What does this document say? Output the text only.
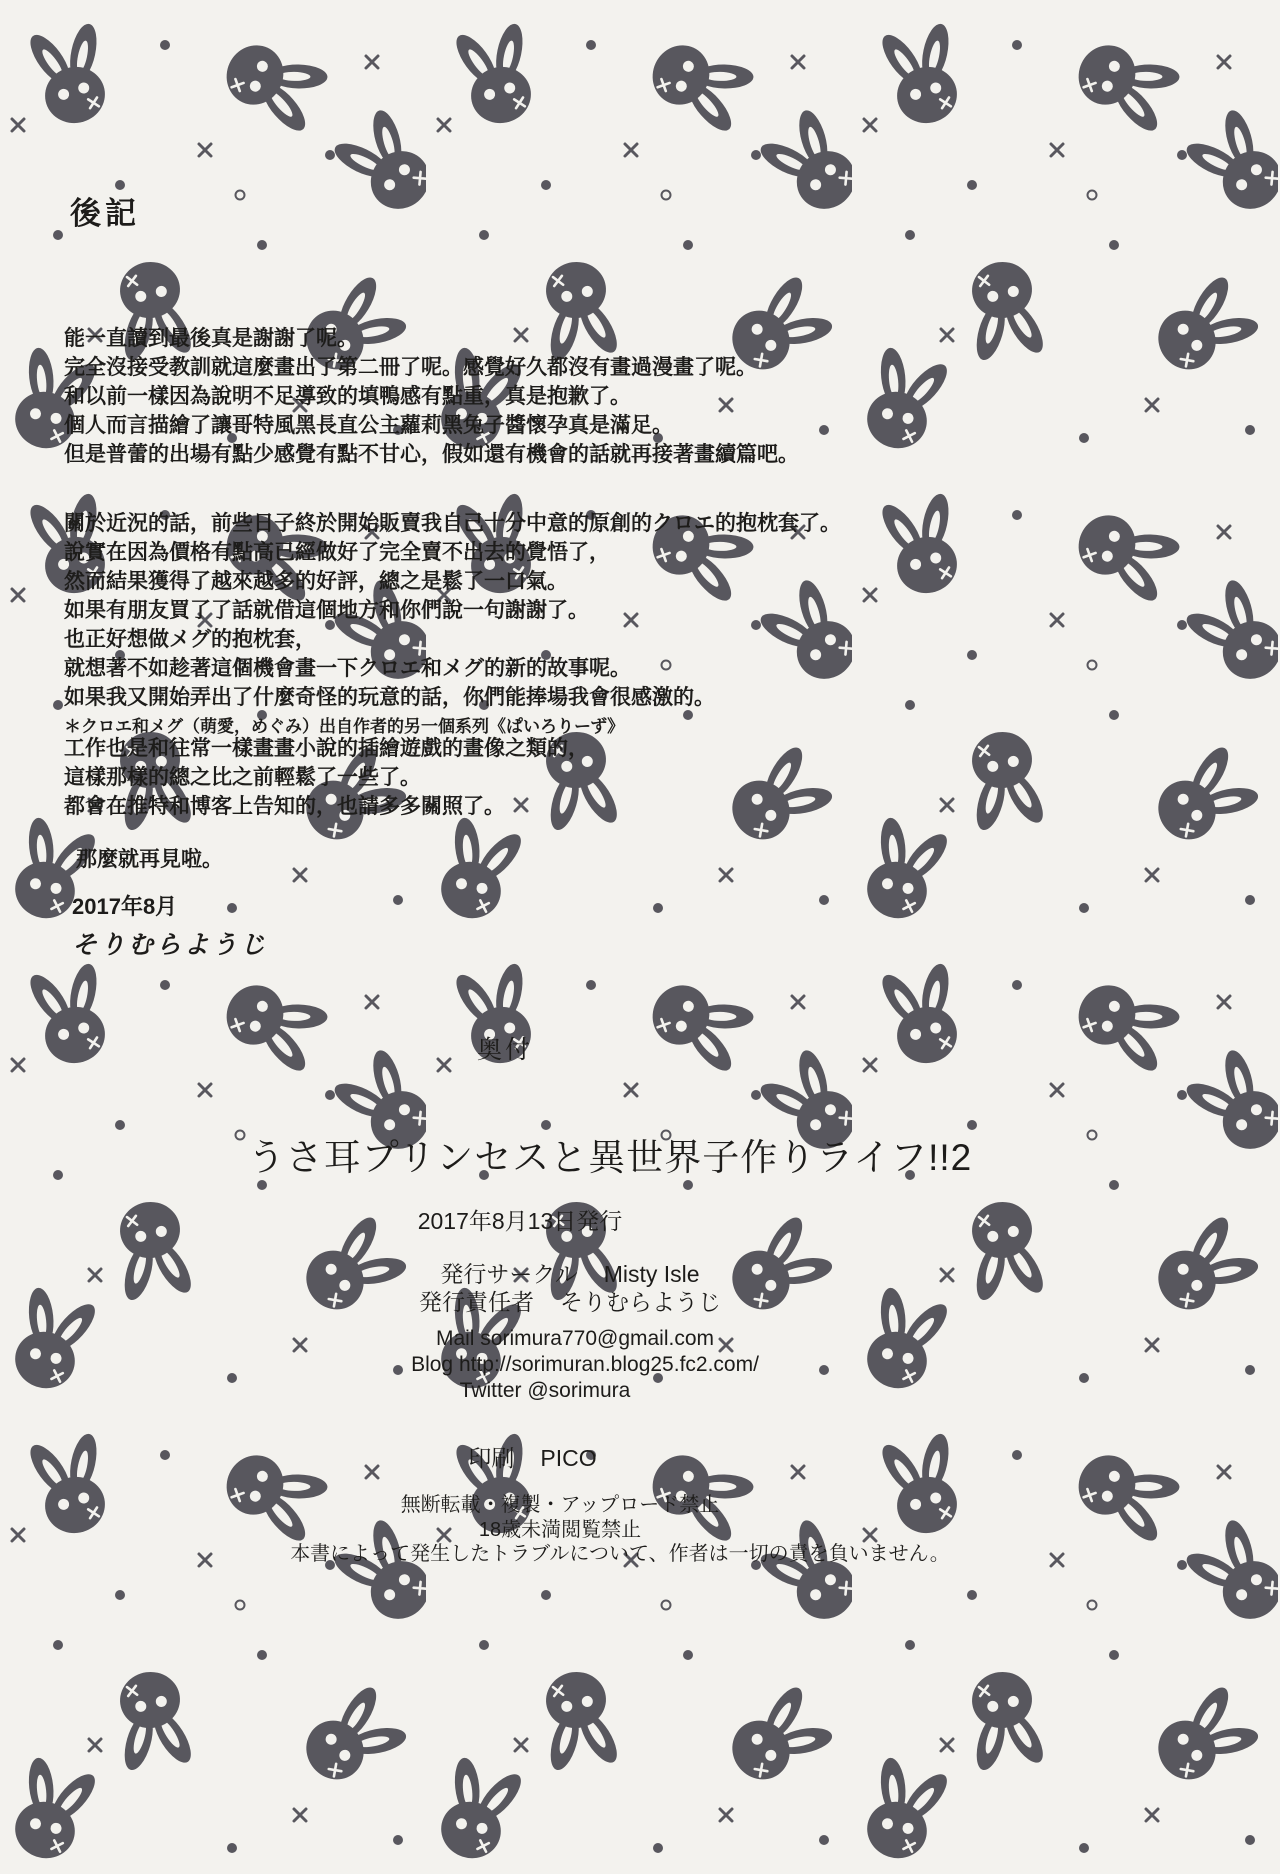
後記

能一直讀到最後真是謝謝了呢。

完全沒接受教訓就這麼畫出了第二冊了呢。感覺好久都沒有畫過漫畫了呢。

和以前一樣因為說明不足導致的填鴨感有點重，真是抱歉了。

個人而言描繪了讓哥特風黑長直公主蘿莉黑兔子醬懷孕真是滿足。

但是普蕾的出場有點少感覺有點不甘心，假如還有機會的話就再接著畫續篇吧。

關於近況的話，前些日子終於開始販賣我自己十分中意的原創的クロエ的抱枕套了。

說實在因為價格有點高已經做好了完全賣不出去的覺悟了，

然而結果獲得了越來越多的好評，總之是鬆了一口氣。

如果有朋友買了了話就借這個地方和你們說一句謝謝了。

也正好想做メグ的抱枕套，

就想著不如趁著這個機會畫一下クロエ和メグ的新的故事呢。

如果我又開始弄出了什麼奇怪的玩意的話，你們能捧場我會很感激的。

＊クロエ和メグ（萌愛，めぐみ）出自作者的另一個系列《ぱいろりーず》

工作也是和往常一樣畫畫小說的插繪遊戲的畫像之類的，

這樣那樣的總之比之前輕鬆了一些了。

都會在推特和博客上告知的，也請多多關照了。

那麼就再見啦。
2017年8月
そりむらようじ
奥付
うさ耳プリンセスと異世界子作りライフ!!2
2017年8月13日発行
発行サークル Misty Isle
発行責任者 そりむらようじ
Mail sorimura770@gmail.com
Blog http://sorimuran.blog25.fc2.com/
Twitter @sorimura
印刷 PICO
無断転載・複製・アップロード禁止
18歳未満閲覧禁止
本書によって発生したトラブルについて、作者は一切の責を負いません。
